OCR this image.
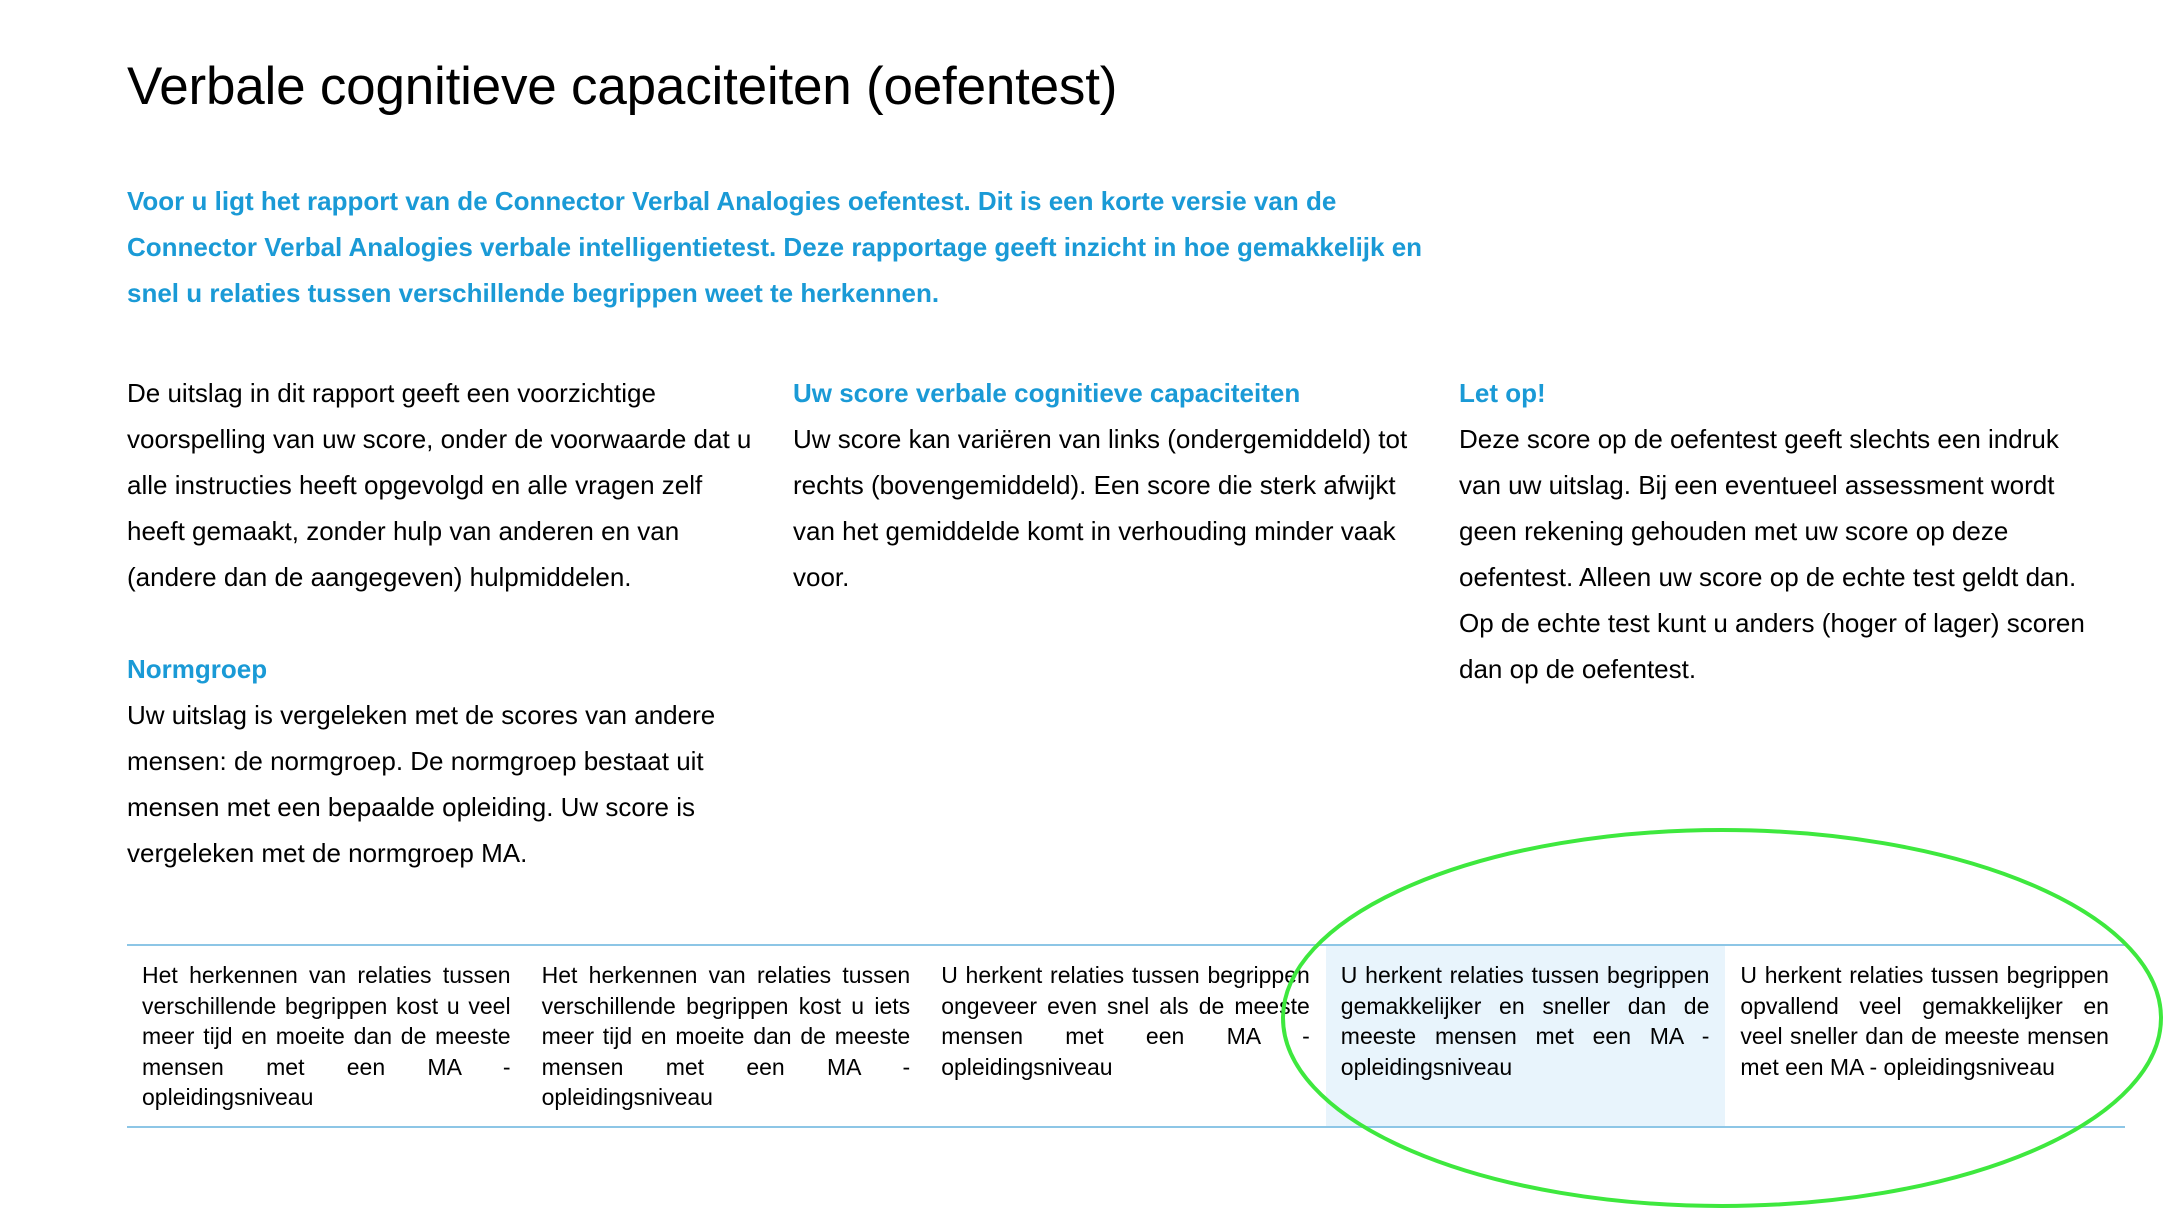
Verbale cognitieve capaciteiten (oefentest)

Voor u ligt het rapport van de Connector Verbal Analogies oefentest. Dit is een korte versie van de Connector Verbal Analogies verbale intelligentietest. Deze rapportage geeft inzicht in hoe gemakkelijk en snel u relaties tussen verschillende begrippen weet te herkennen.

De uitslag in dit rapport geeft een voorzichtige voorspelling van uw score, onder de voorwaarde dat u alle instructies heeft opgevolgd en alle vragen zelf heeft gemaakt, zonder hulp van anderen en van (andere dan de aangegeven) hulpmiddelen.

Normgroep

Uw uitslag is vergeleken met de scores van andere mensen: de normgroep. De normgroep bestaat uit mensen met een bepaalde opleiding. Uw score is vergeleken met de normgroep MA.

Uw score verbale cognitieve capaciteiten

Uw score kan variëren van links (ondergemiddeld) tot rechts (bovengemiddeld). Een score die sterk afwijkt van het gemiddelde komt in verhouding minder vaak voor.

Let op!

Deze score op de oefentest geeft slechts een indruk van uw uitslag. Bij een eventueel assessment wordt geen rekening gehouden met uw score op deze oefentest. Alleen uw score op de echte test geldt dan. Op de echte test kunt u anders (hoger of lager) scoren dan op de oefentest.

Het herkennen van relaties tussen verschillende begrippen kost u veel meer tijd en moeite dan de meeste mensen met een MA - opleidingsniveau
Het herkennen van relaties tussen verschillende begrippen kost u iets meer tijd en moeite dan de meeste mensen met een MA - opleidingsniveau
U herkent relaties tussen begrippen ongeveer even snel als de meeste mensen met een MA - opleidingsniveau
U herkent relaties tussen begrippen gemakkelijker en sneller dan de meeste mensen met een MA -opleidingsniveau
U herkent relaties tussen begrippen opvallend veel gemakkelijker en veel sneller dan de meeste mensen met een MA - opleidingsniveau
